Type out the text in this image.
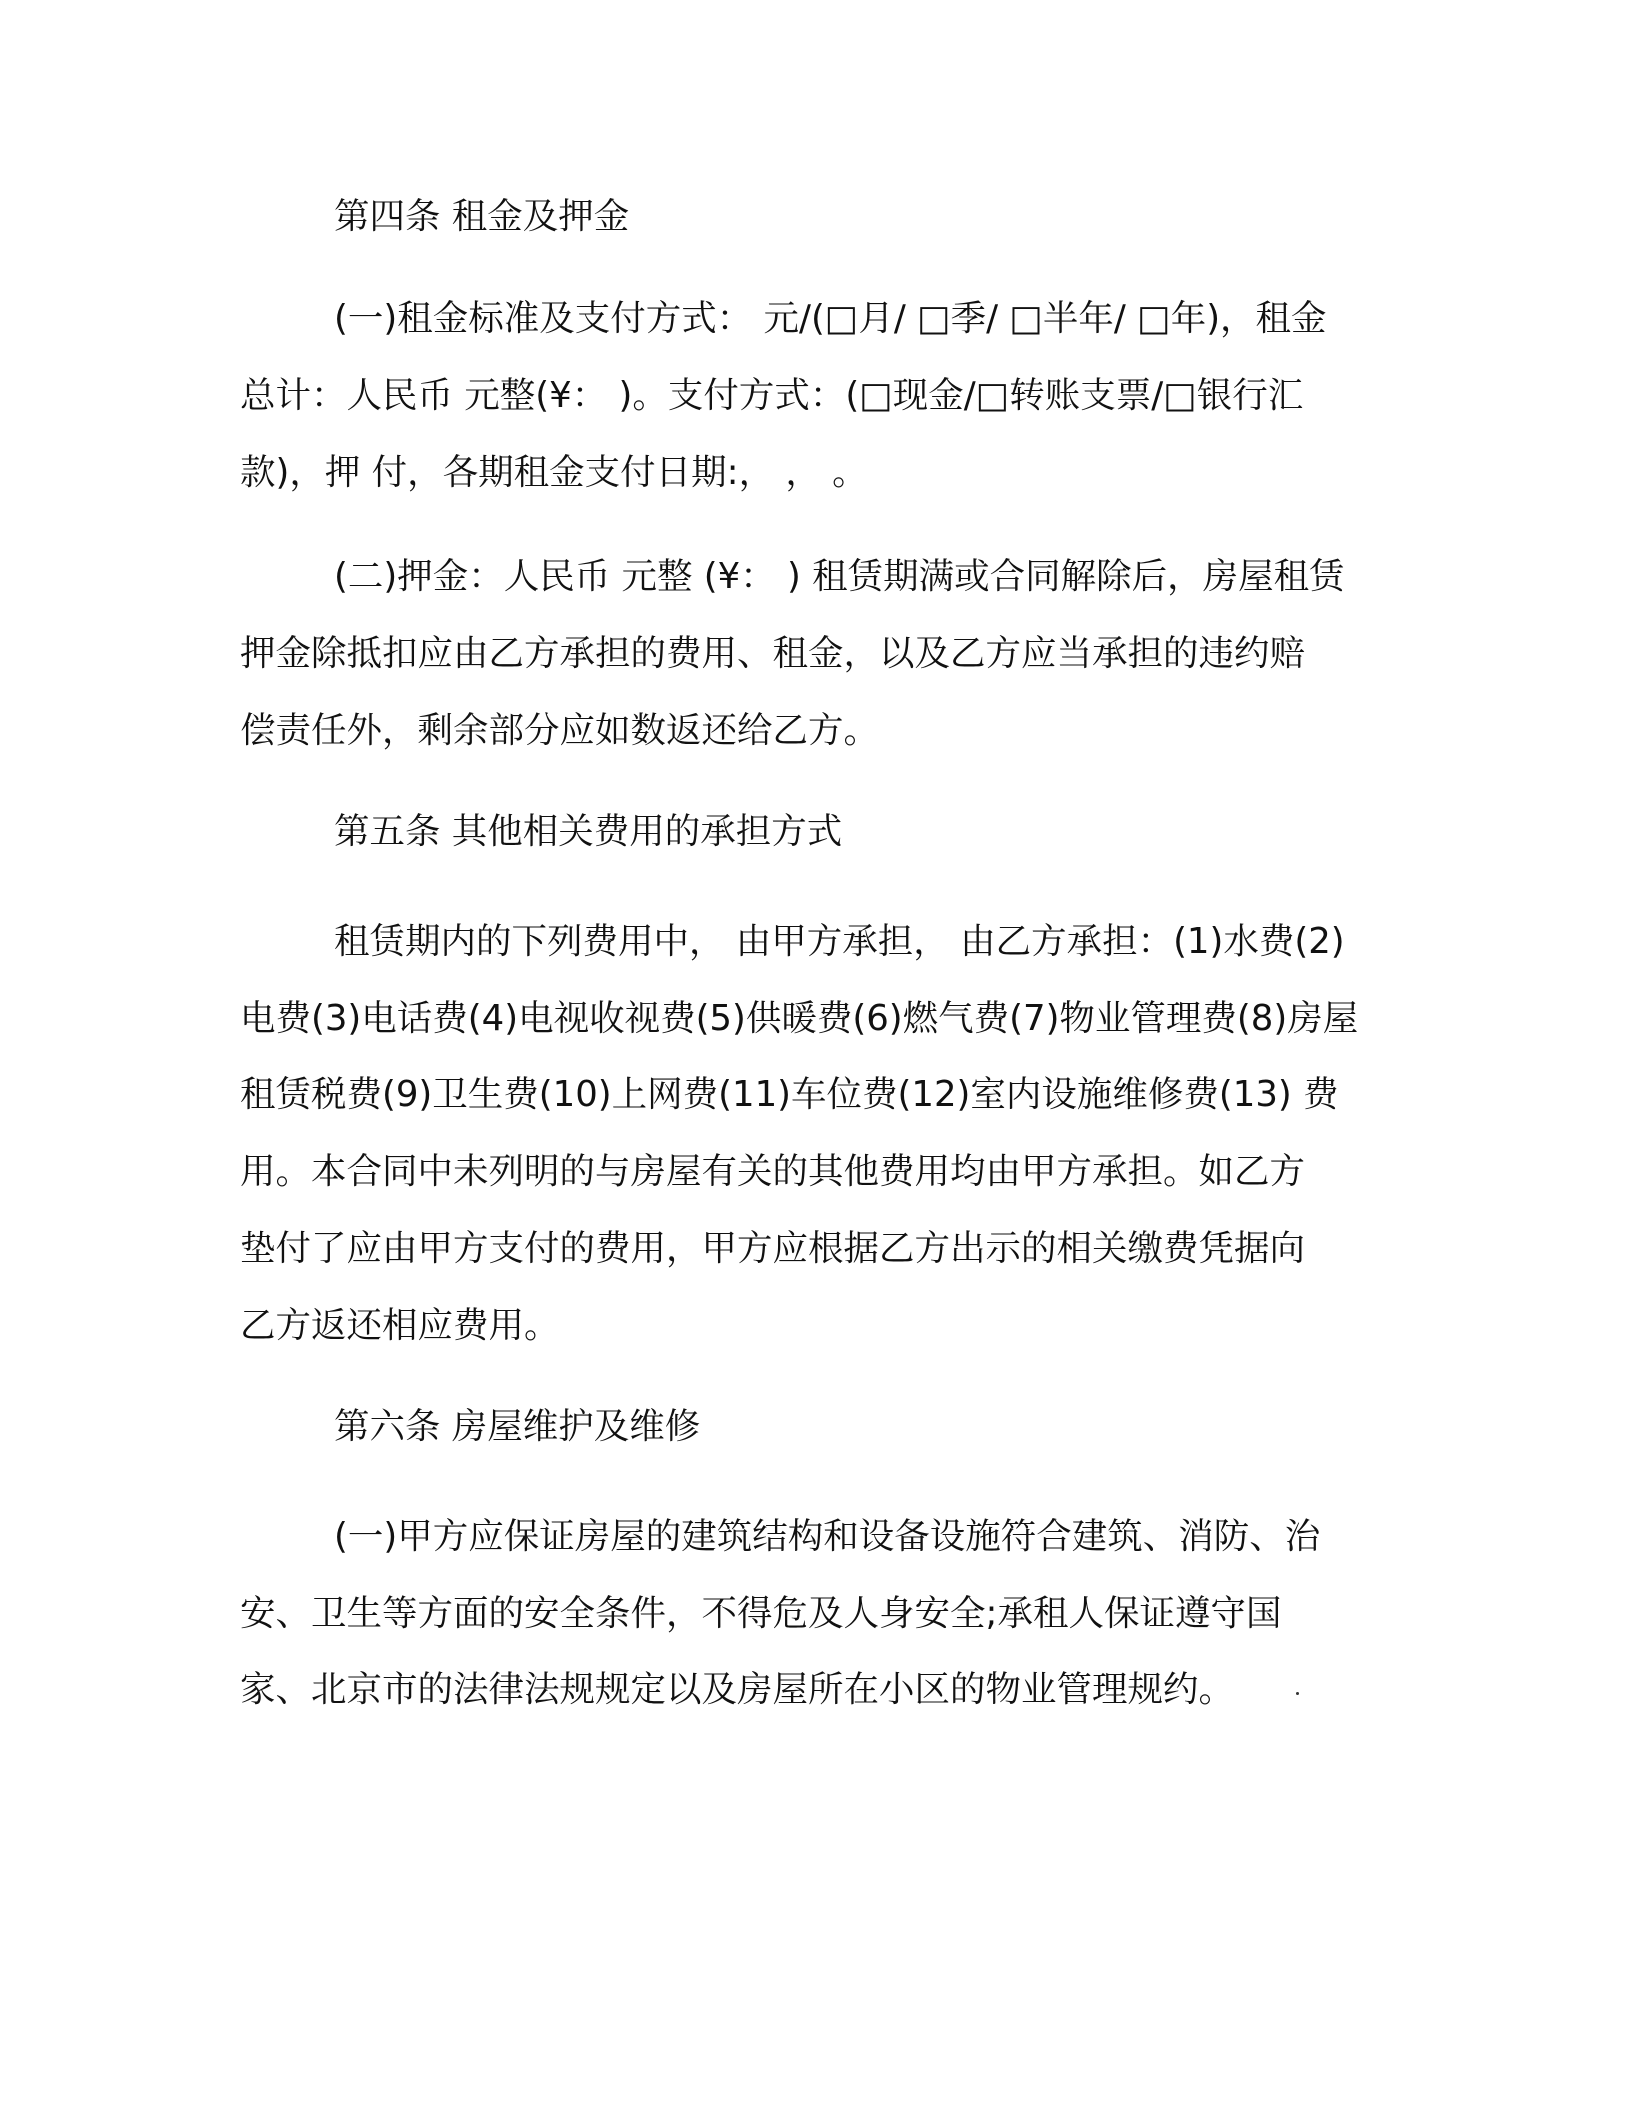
第四条 租金及押金
(一)租金标准及支付方式： 元/(□月/ □季/ □半年/ □年)，租金
总计：人民币 元整(¥： )。支付方式：(□现金/□转账支票/□银行汇
款)，押 付，各期租金支付日期:， ， 。
(二)押金：人民币 元整 (¥： ) 租赁期满或合同解除后，房屋租赁
押金除抵扣应由乙方承担的费用、租金，以及乙方应当承担的违约赔
偿责任外，剩余部分应如数返还给乙方。
第五条 其他相关费用的承担方式
租赁期内的下列费用中， 由甲方承担， 由乙方承担：(1)水费(2)
电费(3)电话费(4)电视收视费(5)供暖费(6)燃气费(7)物业管理费(8)房屋
租赁税费(9)卫生费(10)上网费(11)车位费(12)室内设施维修费(13) 费
用。本合同中未列明的与房屋有关的其他费用均由甲方承担。如乙方
垫付了应由甲方支付的费用，甲方应根据乙方出示的相关缴费凭据向
乙方返还相应费用。
第六条 房屋维护及维修
(一)甲方应保证房屋的建筑结构和设备设施符合建筑、消防、治
安、卫生等方面的安全条件，不得危及人身安全;承租人保证遵守国
家、北京市的法律法规规定以及房屋所在小区的物业管理规约。
